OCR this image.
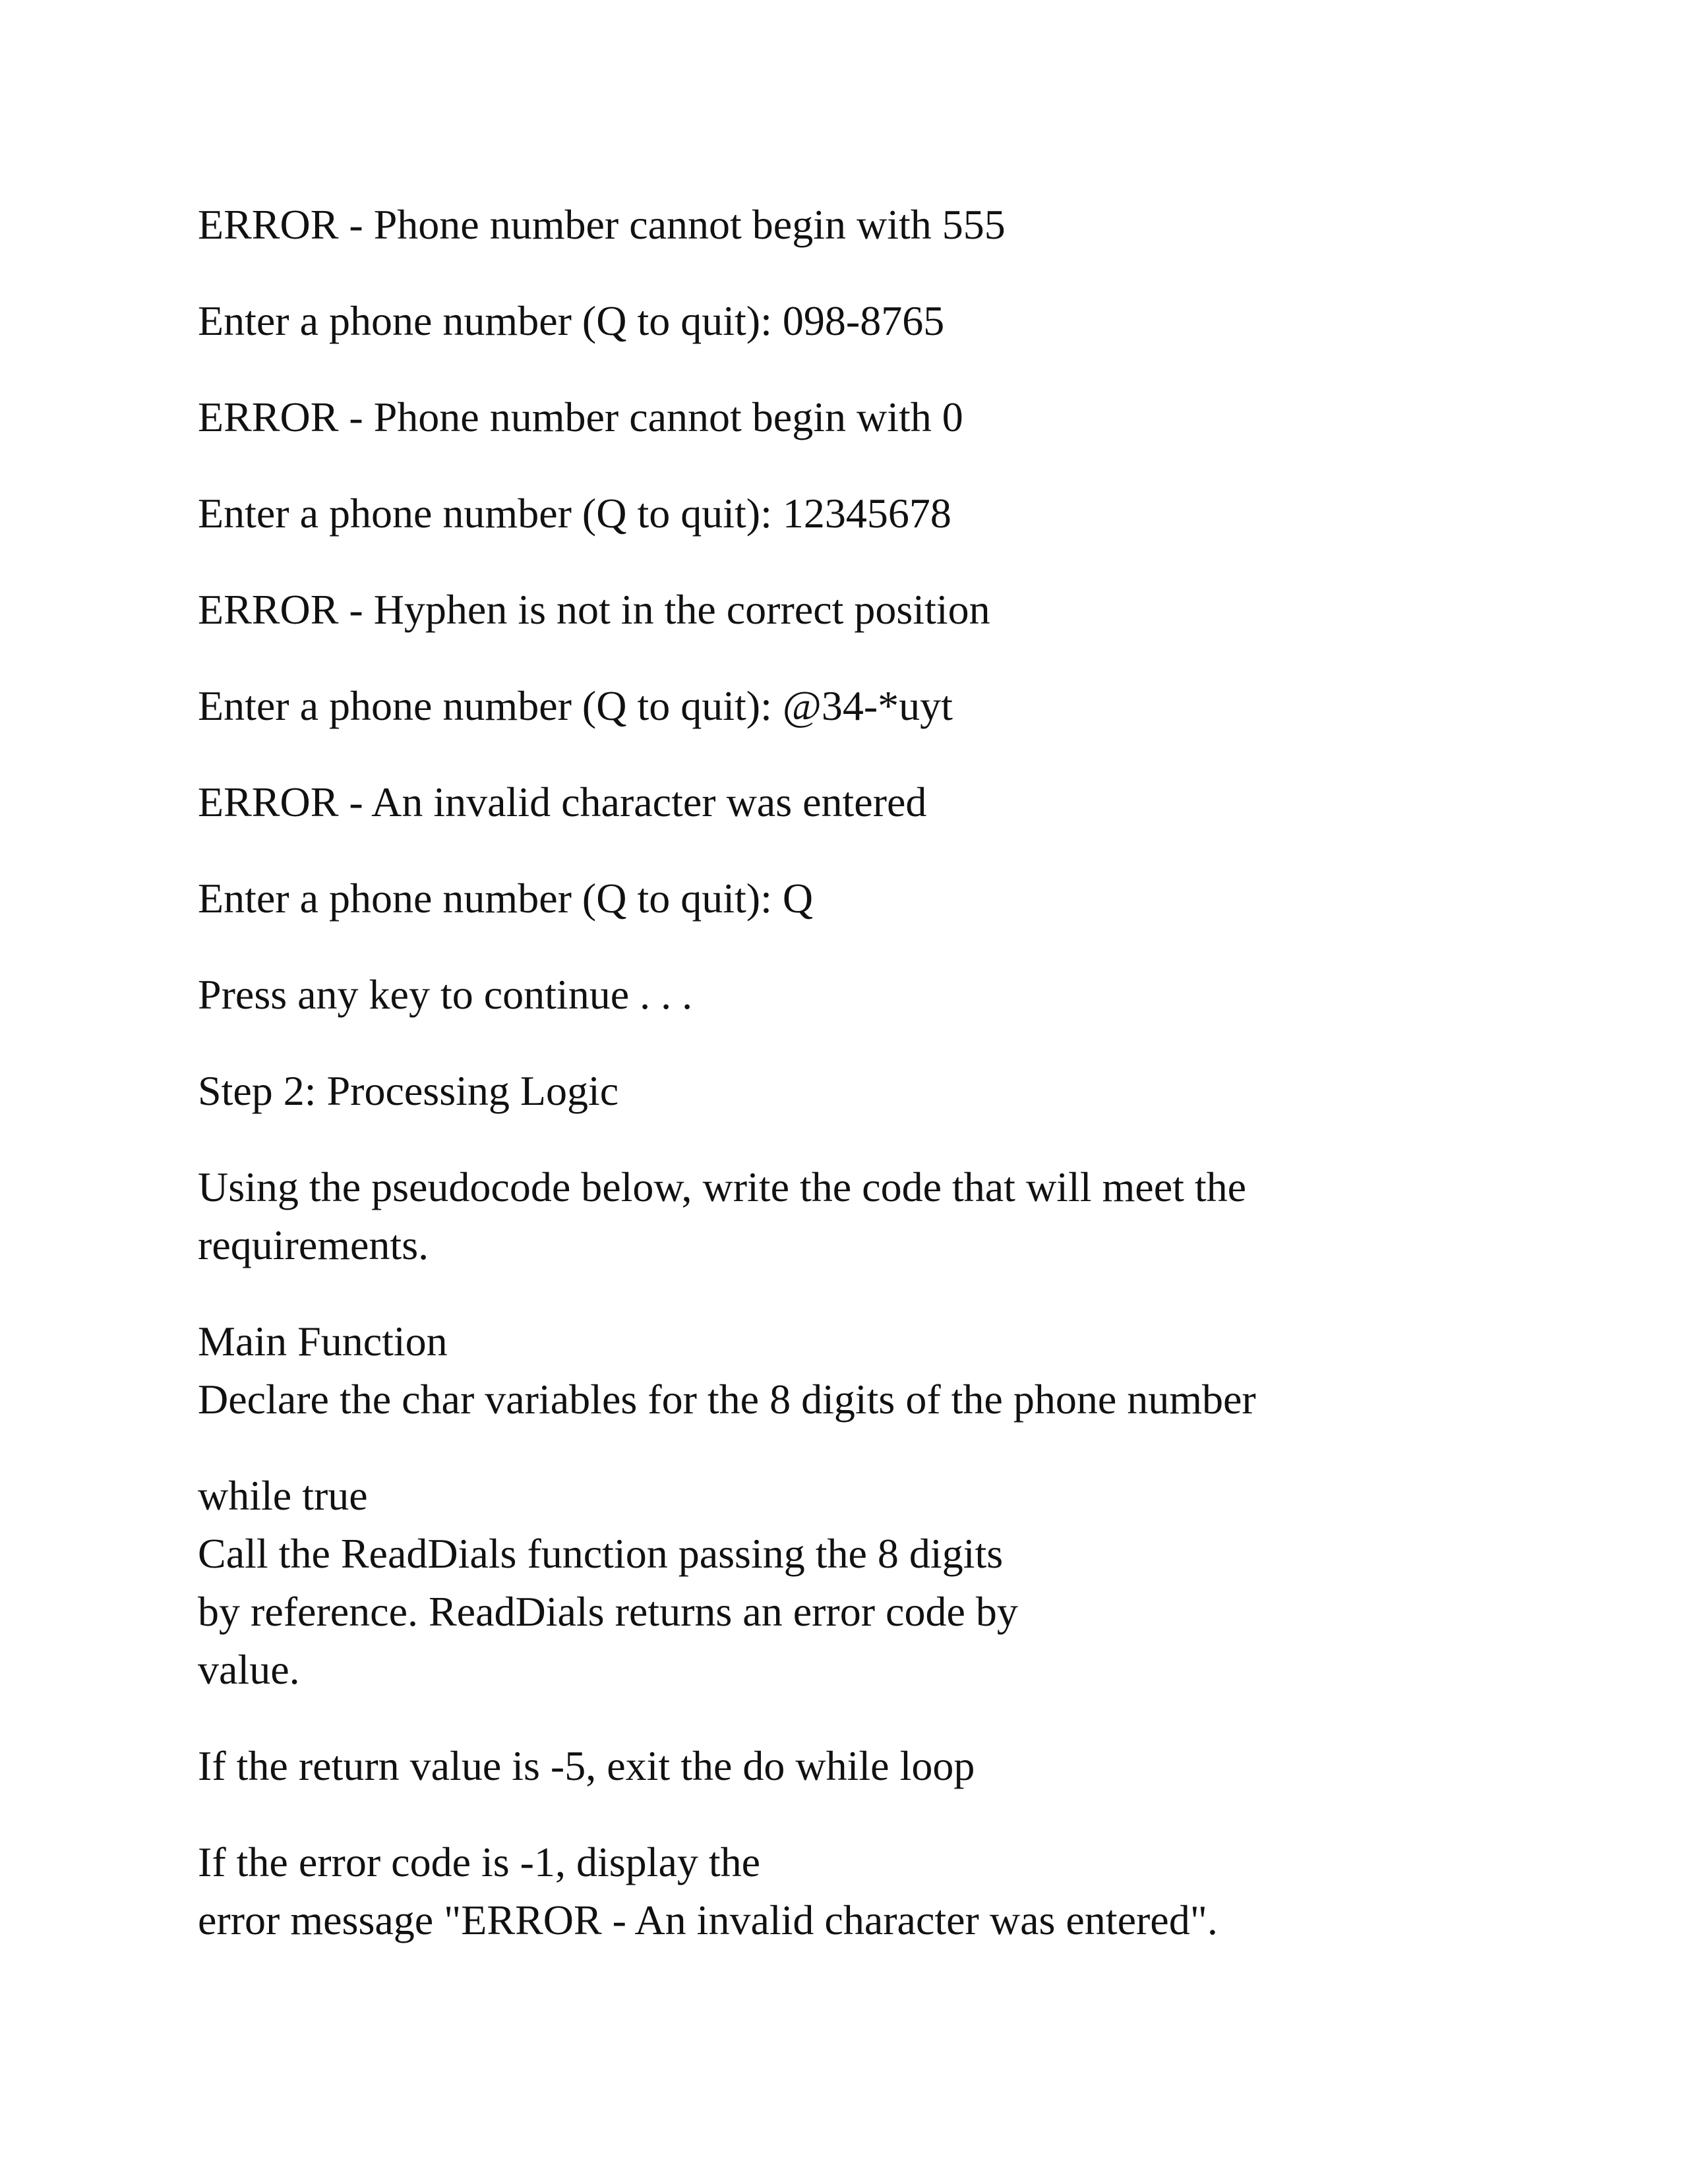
ERROR - Phone number cannot begin with 555

Enter a phone number (Q to quit): 098-8765

ERROR - Phone number cannot begin with 0

Enter a phone number (Q to quit): 12345678

ERROR - Hyphen is not in the correct position

Enter a phone number (Q to quit): @34-*uyt

ERROR - An invalid character was entered

Enter a phone number (Q to quit): Q

Press any key to continue . . .

Step 2: Processing Logic

Using the pseudocode below, write the code that will meet the

requirements.

Main Function

Declare the char variables for the 8 digits of the phone number

while true

Call the ReadDials function passing the 8 digits

by reference. ReadDials returns an error code by

value.

If the return value is -5, exit the do while loop

If the error code is -1, display the

error message "ERROR - An invalid character was entered".
